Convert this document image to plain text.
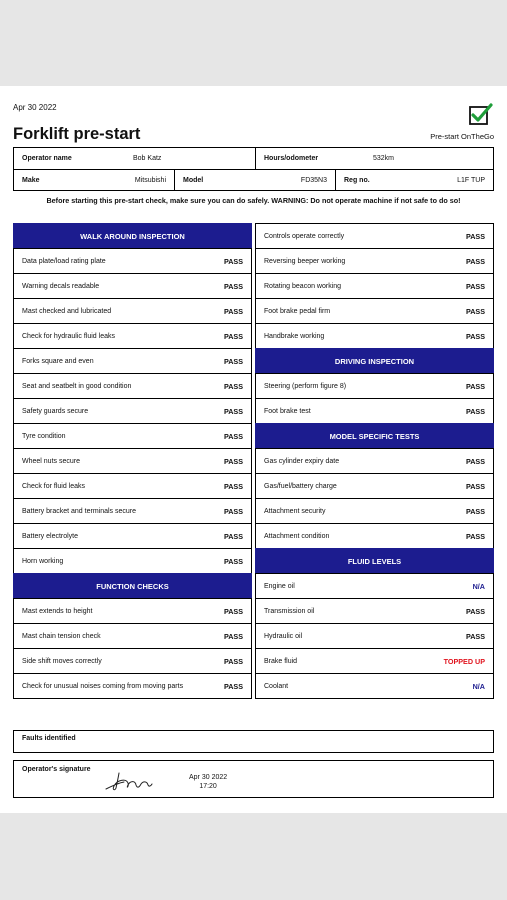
Apr 30 2022
Pre-start OnTheGo
Forklift pre-start
Operator name	Bob Katz	Hours/odometer	532km
Make	Mitsubishi Model	FD35N3 Reg no.	L1F TUP
Before starting this pre-start check, make sure you can do safely. WARNING: Do not operate machine if not safe to do so!
WALK AROUND INSPECTION
Data plate/load rating plate	PASS
Warning decals readable	PASS
Mast checked and lubricated	PASS
Check for hydraulic fluid leaks	PASS
Forks square and even	PASS
Seat and seatbelt in good condition	PASS
Safety guards secure	PASS
Tyre condition	PASS
Wheel nuts secure	PASS
Check for fluid leaks	PASS
Battery bracket and terminals secure	PASS
Battery electrolyte	PASS
Horn working	PASS
FUNCTION CHECKS
Mast extends to height	PASS
Mast chain tension check	PASS
Side shift moves correctly	PASS
Check for unusual noises coming from moving parts	PASS
Controls operate correctly	PASS
Reversing beeper working	PASS
Rotating beacon working	PASS
Foot brake pedal firm	PASS
Handbrake working	PASS
DRIVING INSPECTION
Steering (perform figure 8)	PASS
Foot brake test	PASS
MODEL SPECIFIC TESTS
Gas cylinder expiry date	PASS
Gas/fuel/battery charge	PASS
Attachment security	PASS
Attachment condition	PASS
FLUID LEVELS
Engine oil	N/A
Transmission oil	PASS
Hydraulic oil	PASS
Brake fluid	TOPPED UP
Coolant	N/A
Faults identified
Operator's signature
Apr 30 2022
17:20
